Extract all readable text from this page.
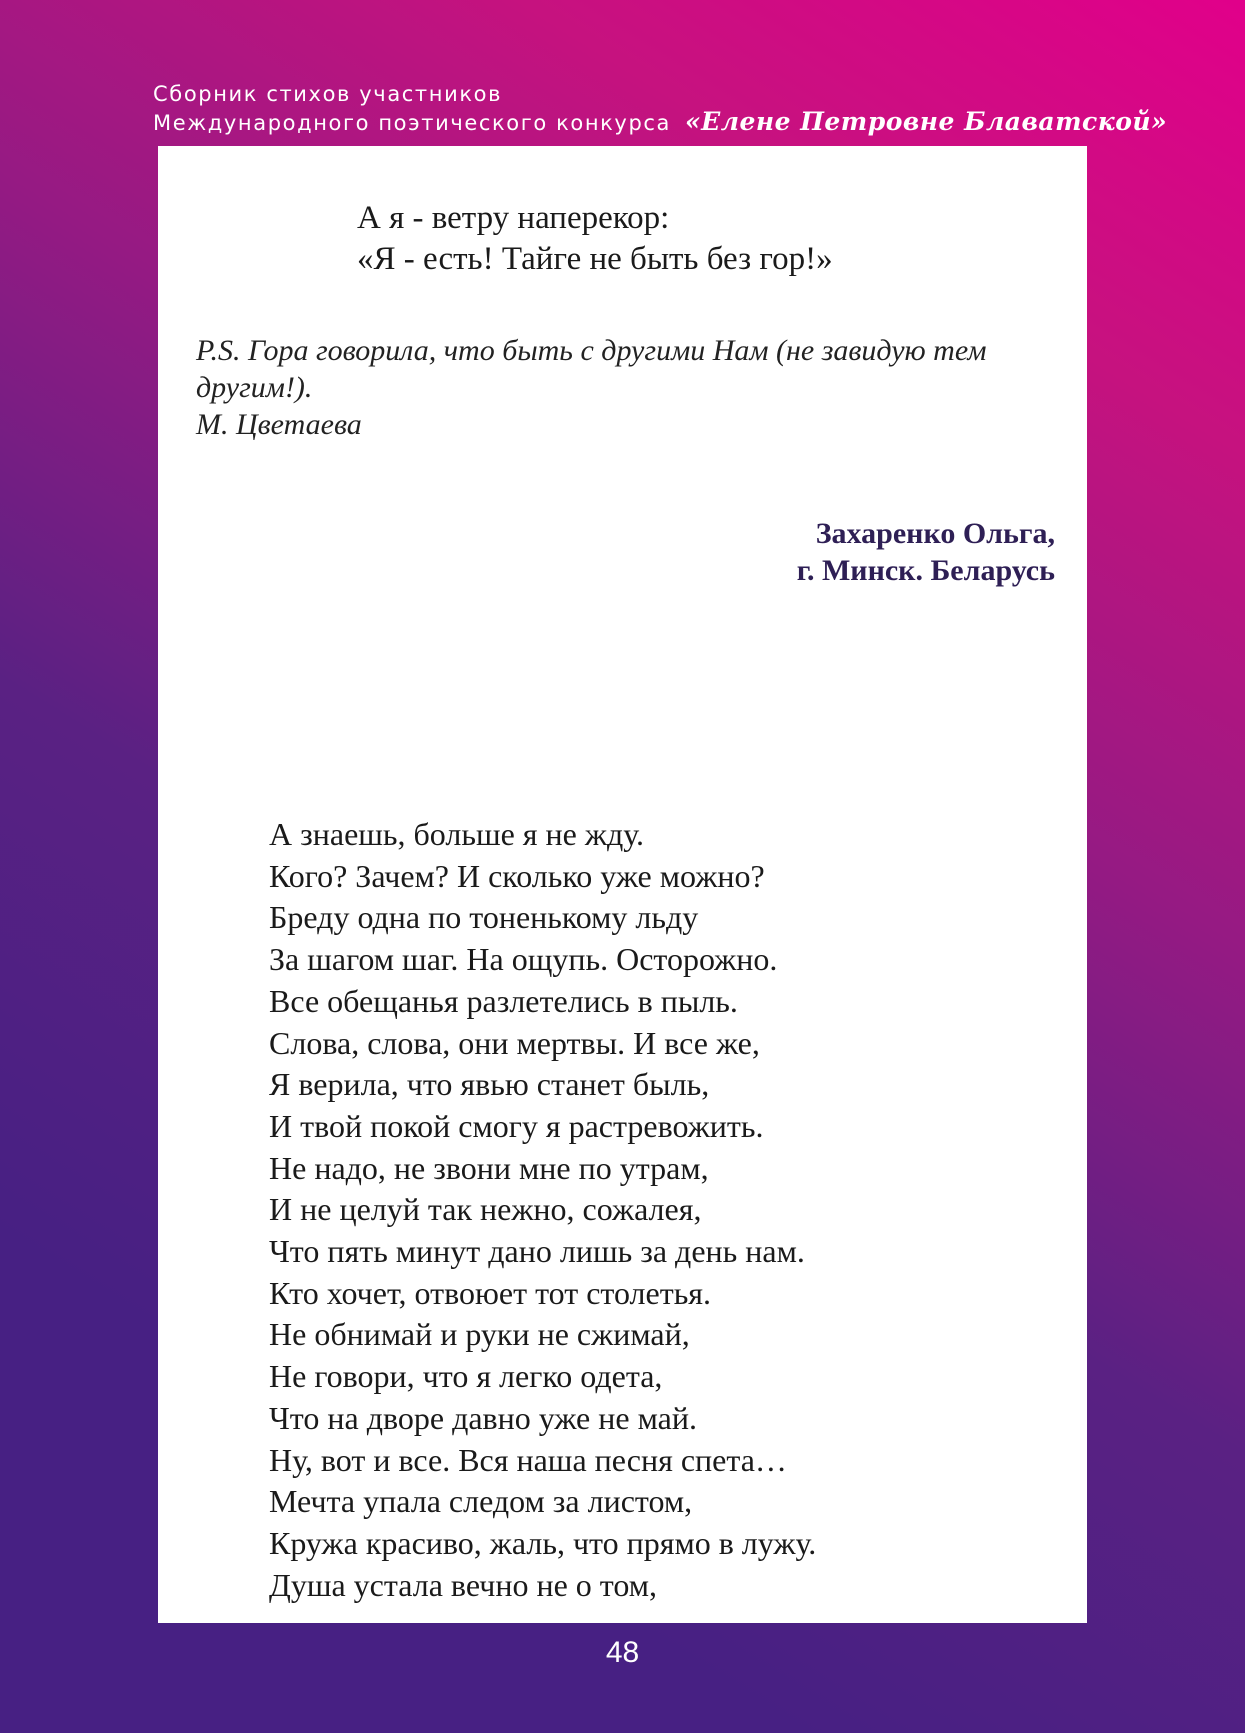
Сборник стихов участников
Международного поэтического конкурса «Елене Петровне Блаватской»

А я - ветру наперекор:

«Я - есть! Тайге не быть без гор!»

P.S. Гора говорила, что быть с другими Нам (не завидую тем

другим!).

М. Цветаева

Захаренко Ольга,

г. Минск. Беларусь

А знаешь, больше я не жду.

Кого? Зачем? И сколько уже можно?

Бреду одна по тоненькому льду

За шагом шаг. На ощупь. Осторожно.

Все обещанья разлетелись в пыль.

Слова, слова, они мертвы. И все же,

Я верила, что явью станет быль,

И твой покой смогу я растревожить.

Не надо, не звони мне по утрам,

И не целуй так нежно, сожалея,

Что пять минут дано лишь за день нам.

Кто хочет, отвоюет тот столетья.

Не обнимай и руки не сжимай,

Не говори, что я легко одета,

Что на дворе давно уже не май.

Ну, вот и все. Вся наша песня спета…

Мечта упала следом за листом,

Кружа красиво, жаль, что прямо в лужу.

Душа устала вечно не о том,

48
